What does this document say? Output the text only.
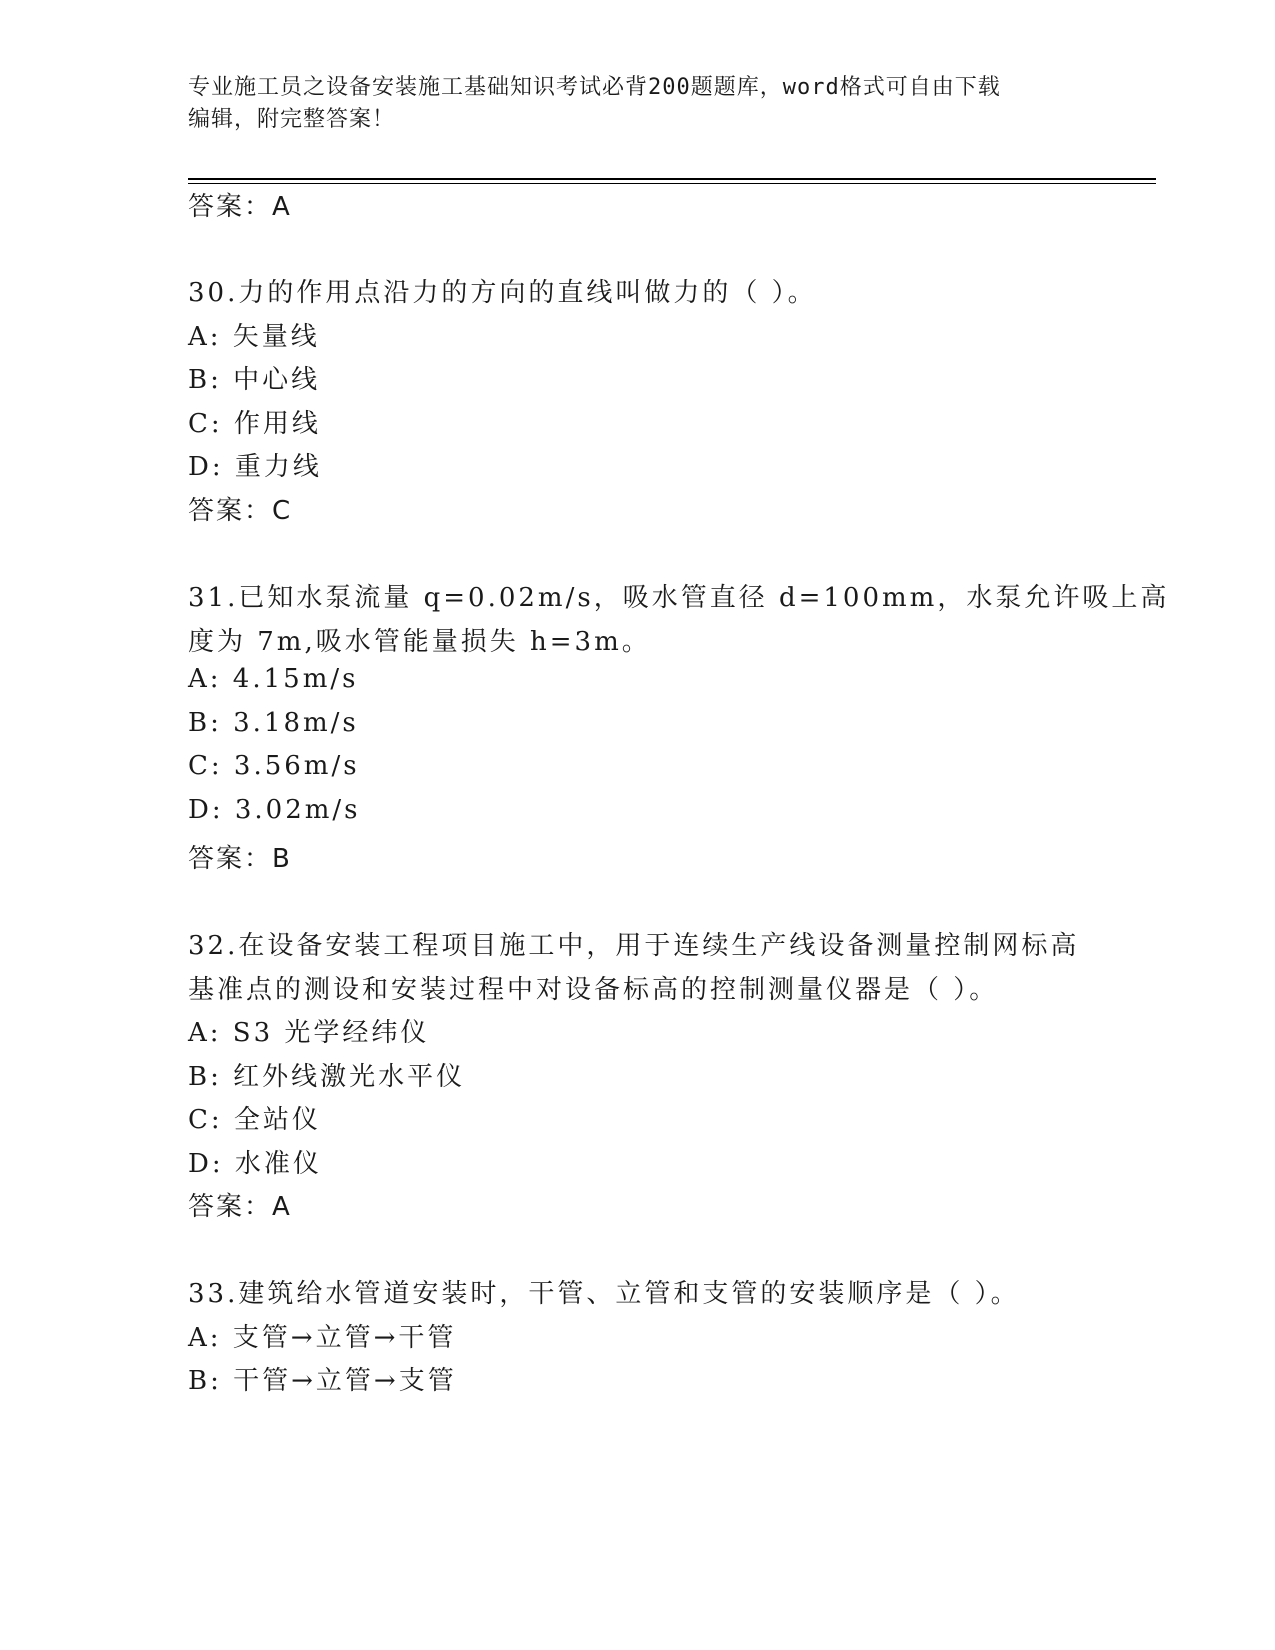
专业施工员之设备安装施工基础知识考试必背200题题库，word格式可自由下载
编辑，附完整答案！
答案：A
30.力的作用点沿力的方向的直线叫做力的（ ）。
A: 矢量线
B: 中心线
C: 作用线
D: 重力线
答案：C
31.已知水泵流量 q=0.02m/s，吸水管直径 d=100mm，水泵允许吸上高
度为 7m,吸水管能量损失 h=3m。
A: 4.15m/s
B: 3.18m/s
C: 3.56m/s
D: 3.02m/s
答案：B
32.在设备安装工程项目施工中，用于连续生产线设备测量控制网标高
基准点的测设和安装过程中对设备标高的控制测量仪器是（ ）。
A: S3 光学经纬仪
B: 红外线激光水平仪
C: 全站仪
D: 水准仪
答案：A
33.建筑给水管道安装时，干管、立管和支管的安装顺序是（ ）。
A: 支管→立管→干管
B: 干管→立管→支管
